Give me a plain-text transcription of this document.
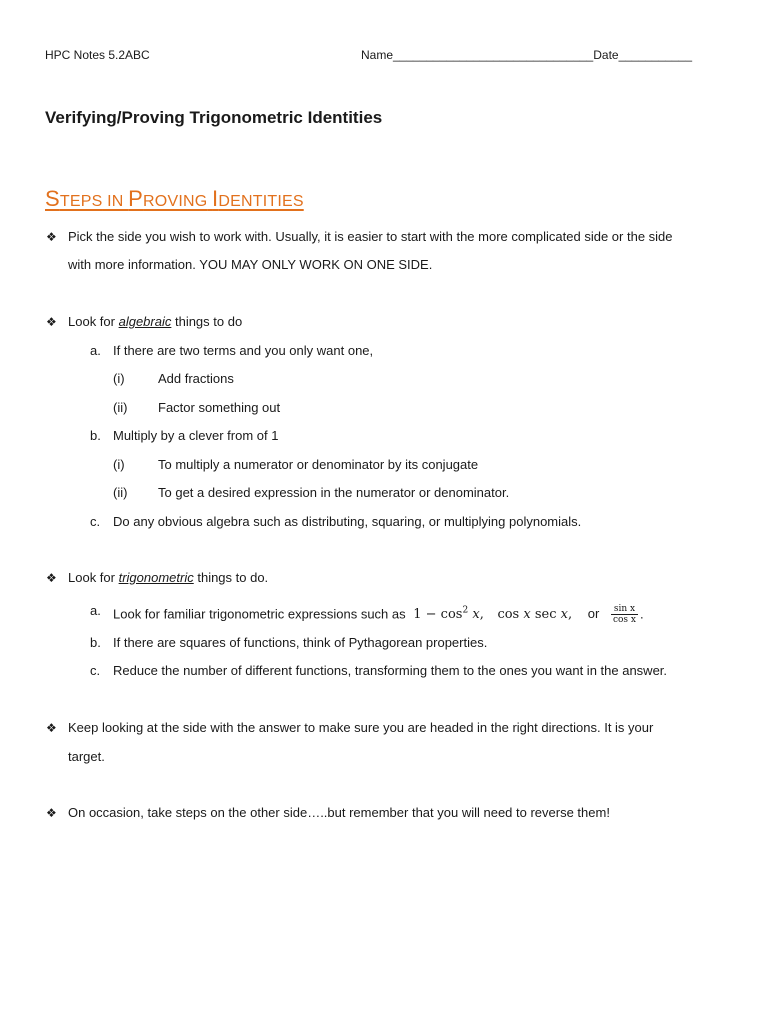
HPC Notes 5.2ABC	Name______________________________Date___________
Verifying/Proving Trigonometric Identities
STEPS IN PROVING IDENTITIES
❖ Pick the side you wish to work with. Usually, it is easier to start with the more complicated side or the side
with more information. YOU MAY ONLY WORK ON ONE SIDE.
❖ Look for algebraic things to do
a. If there are two terms and you only want one,
(i)	Add fractions
(ii) Factor something out
b. Multiply by a clever from of 1
(i)	To multiply a numerator or denominator by its conjugate
(ii) To get a desired expression in the numerator or denominator.
c. Do any obvious algebra such as distributing, squaring, or multiplying polynomials.
❖ Look for trigonometric things to do.
a. Look for familiar trigonometric expressions such as $1 - \cos^2 x$, cos x sec x, or $\frac{\text{sin x}}{\text{cos x}}$ .
b. If there are squares of functions, think of Pythagorean properties.
c. Reduce the number of different functions, transforming them to the ones you want in the answer.
❖ Keep looking at the side with the answer to make sure you are headed in the right directions. It is your
target.
❖ On occasion, take steps on the other side…..but remember that you will need to reverse them!
